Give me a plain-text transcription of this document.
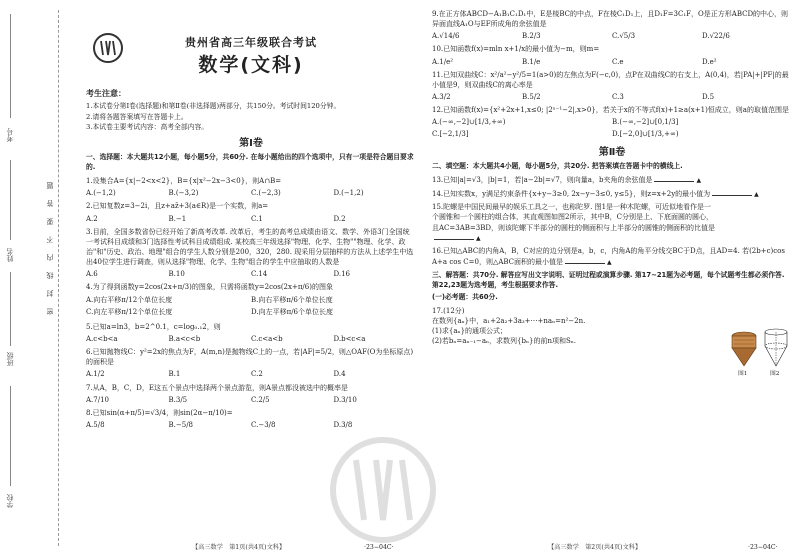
考号
姓名
班级
学校
密　封　线　内　不　要　答　题
贵州省高三年级联合考试
数学(文科)
考生注意：
1.本试卷分第Ⅰ卷(选择题)和第Ⅱ卷(非选择题)两部分，共150分。考试时间120分钟。
2.请将各题答案填写在答题卡上。
3.本试卷主要考试内容：高考全部内容。
第Ⅰ卷
一、选择题：本大题共12小题，每小题5分，共60分. 在每小题给出的四个选项中，只有一项是符合题目要求的.
1.设集合A={x|−2<x<2}，B={x|x²−2x−3<0}，则A∩B=
A.(−1,2)	B.(−3,2)	C.(−2,3)	D.(−1,2)
2.已知复数z=3−2i，且z+az̄+3(a∈R)是一个实数，则a=
A.2	B.−1	C.1	D.2
3.目前，全国多数省份已经开始了新高考改革. 改革后，考生的高考总成绩由语文、数学、外语3门全国统一考试科目成绩和3门选择性考试科目成绩组成. 某校高三年级选择"物理、化学、生物""物理、化学、政治"和"历史、政治、地理"组合的学生人数分别是200，320，280. 现采用分层抽样的方法从上述学生中选出40位学生进行调查，则从选择"物理、化学、生物"组合的学生中应抽取的人数是
A.6	B.10	C.14	D.16
4.为了得到函数y=2cos(2x+π/3)的图象，只需将函数y=2cos(2x+π/6)的图象
A.向右平移π/12个单位长度	B.向右平移π/6个单位长度
C.向左平移π/12个单位长度	D.向左平移π/6个单位长度
5.已知a=ln3，b=2^0.1，c=log₀.₁2，则
A.c<b<a	B.a<c<b	C.c<a<b	D.b<c<a
6.已知抛物线C：y²=2x的焦点为F，A(m,n)是抛物线C上的一点，若|AF|=5/2，则△OAF(O为坐标原点)的面积是
A.1/2	B.1	C.2	D.4
7.从A，B，C，D，E这五个景点中选择两个景点游览，则A景点都没被选中的概率是
A.7/10	B.3/5	C.2/5	D.3/10
8.已知sin(α+π/5)=√3/4，则sin(2α−π/10)=
A.5/8	B.−5/8	C.−3/8	D.3/8
【高三数学　第1页(共4页)文科】	·23−04C·
9.在正方体ABCD−A₁B₁C₁D₁中，E是棱BC的中点，F在棱C₁D₁上，且D₁F=3C₁F，O是正方形ABCD的中心，则异面直线A₁O与EF所成角的余弦值是
A.√14/6	B.2/3	C.√5/3	D.√22/6
10.已知函数f(x)=mln x+1/x的最小值为−m，则m=
A.1/e²	B.1/e	C.e	D.e²
11.已知双曲线C：x²/a²−y²/5=1(a>0)的左焦点为F(−c,0)，点P在双曲线C的右支上，A(0,4)，若|PA|+|PF|的最小值是9，则双曲线C的离心率是
A.3/2	B.5/2	C.3	D.5
12.已知函数f(x)={x²+2x+1,x≤0; |2ˣ⁻¹−2|,x>0}，若关于x的不等式f(x)+1≥a(x+1)恒成立，则a的取值范围是
A.(−∞,−2]∪[1/3,+∞)	B.(−∞,−2]∪[0,1/3]
C.[−2,1/3]	D.[−2,0]∪[1/3,+∞)
第Ⅱ卷
二、填空题：本大题共4小题，每小题5分，共20分. 把答案填在答题卡中的横线上.
13.已知|a|=√3，|b|=1，若|a−2b|=√7，则向量a，b夹角的余弦值是	▲
14.已知实数x，y满足约束条件{x+y−3≥0, 2x−y−3≤0, y≤5}，则z=x+2y的最小值为	▲
15.陀螺是中国民间最早的娱乐工具之一，也称陀罗. 图1是一种木陀螺，可近似地看作是一个圆锥和一个圆柱的组合体，其直观图如图2所示，其中B，C分别是上、下底面圆的圆心，且AC=3AB=3BD，则该陀螺下半部分的圆柱的侧面积与上半部分的圆锥的侧面积的比值是▲
16.已知△ABC的内角A，B，C对应的边分别是a，b，c，内角A的角平分线交BC于D点，且AD=4. 若(2b+c)cos A+a cos C=0，则△ABC面积的最小值是	▲
三、解答题：共70分. 解答应写出文字说明、证明过程或演算步骤. 第17~21题为必考题，每个试题考生都必须作答. 第22,23题为选考题，考生根据要求作答.
(一)必考题：共60分.
17.(12分)
在数列{aₙ}中，a₁+2a₂+3a₃+⋯+naₙ=n²−2n.
(1)求{aₙ}的通项公式；
(2)若bₙ=aₙ₋₁−aₙ，求数列{bₙ}的前n项和Sₙ.
【高三数学　第2页(共4页)文科】	·23−04C·
图1	图2
